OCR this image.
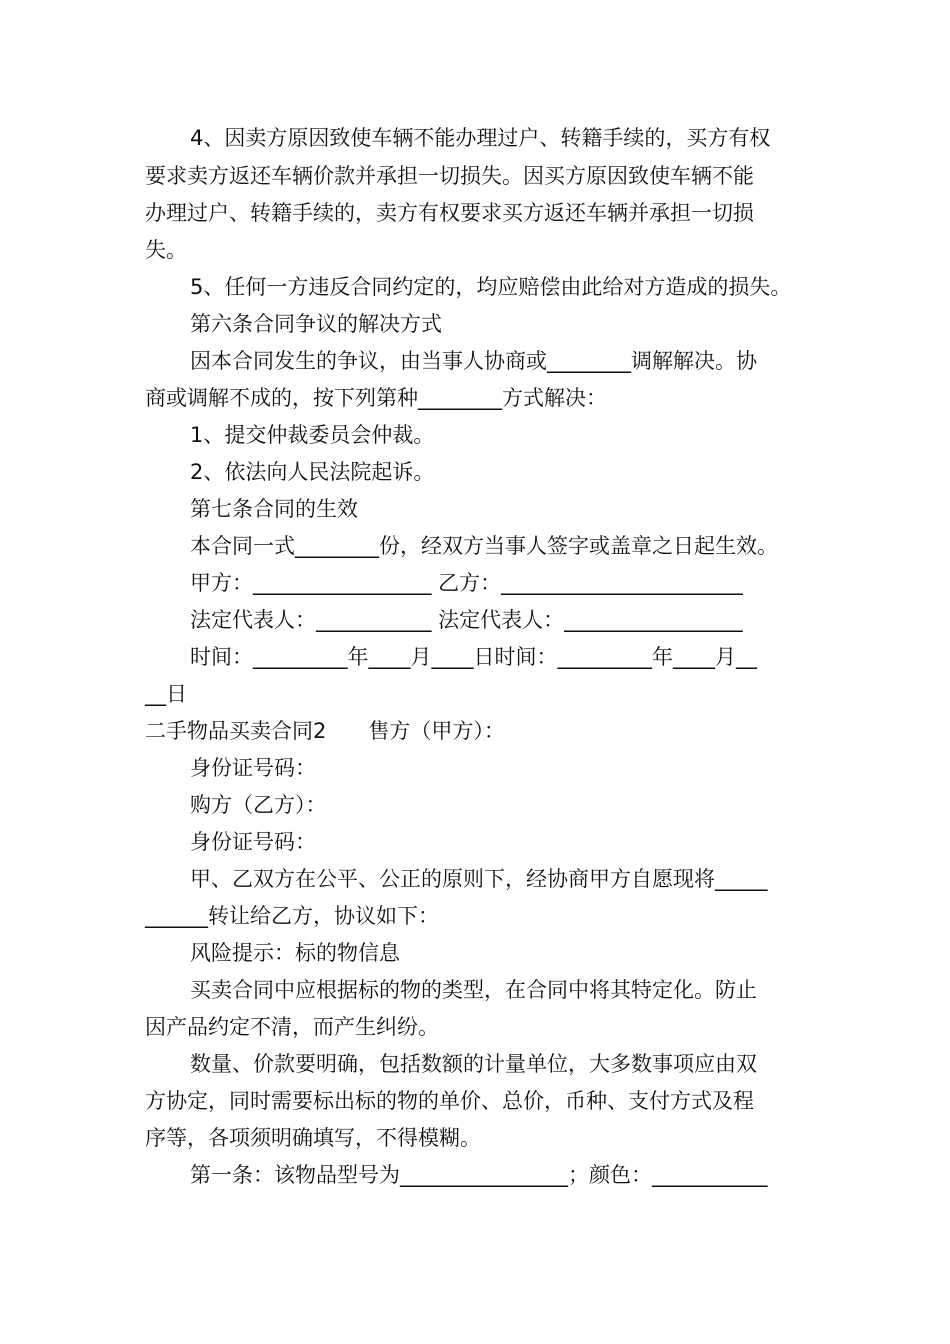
4、因卖方原因致使车辆不能办理过户、转籍手续的，买方有权
要求卖方返还车辆价款并承担一切损失。因买方原因致使车辆不能
办理过户、转籍手续的，卖方有权要求买方返还车辆并承担一切损
失。
5、任何一方违反合同约定的，均应赔偿由此给对方造成的损失。
第六条合同争议的解决方式
因本合同发生的争议，由当事人协商或________调解解决。协
商或调解不成的，按下列第种________方式解决：
1、提交仲裁委员会仲裁。
2、依法向人民法院起诉。
第七条合同的生效
本合同一式________份，经双方当事人签字或盖章之日起生效。
甲方：_________________ 乙方：_______________________
法定代表人：___________ 法定代表人：_________________
时间：_________年____月____日时间：_________年____月__
__日
二手物品买卖合同2　　售方（甲方）：
身份证号码：
购方（乙方）：
身份证号码：
甲、乙双方在公平、公正的原则下，经协商甲方自愿现将_____
______转让给乙方，协议如下：
风险提示：标的物信息
买卖合同中应根据标的物的类型，在合同中将其特定化。防止
因产品约定不清，而产生纠纷。
数量、价款要明确，包括数额的计量单位，大多数事项应由双
方协定，同时需要标出标的物的单价、总价，币种、支付方式及程
序等，各项须明确填写，不得模糊。
第一条：该物品型号为________________；颜色：___________
